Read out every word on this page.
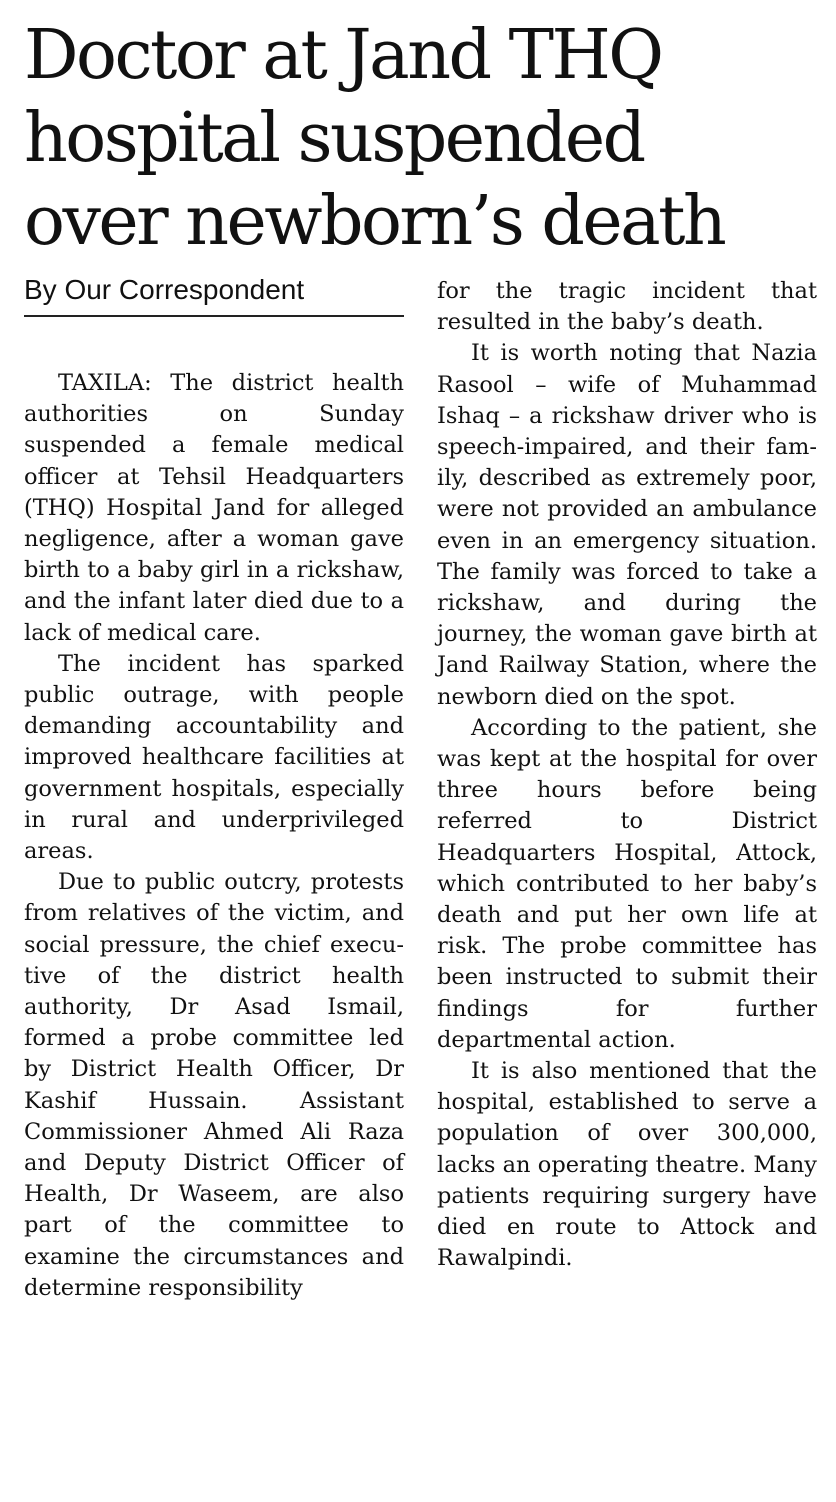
Doctor at Jand THQ
hospital suspended
over newborn’s death
By Our Correspondent

TAXILA: The district health authorities on Sunday suspended a female medical officer at Tehsil Headquarters (THQ) Hospital Jand for alleged negligence, after a woman gave birth to a baby girl in a rickshaw, and the infant later died due to a lack of medical care.

The incident has sparked public outrage, with people demanding accountability and improved healthcare facilities at government hospitals, especially in rural and underprivileged areas.

Due to public outcry, protests from relatives of the victim, and social pressure, the chief executive of the district health authority, Dr Asad Ismail, formed a probe committee led by District Health Officer, Dr Kashif Hussain. Assistant Commissioner Ahmed Ali Raza and Deputy District Officer of Health, Dr Waseem, are also part of the committee to examine the circumstances and determine responsibility

for the tragic incident that resulted in the baby’s death.

It is worth noting that Nazia Rasool – wife of Muhammad Ishaq – a rickshaw driver who is speech-impaired, and their family, described as extremely poor, were not provided an ambulance even in an emergency situation. The family was forced to take a rickshaw, and during the journey, the woman gave birth at Jand Railway Station, where the newborn died on the spot.

According to the patient, she was kept at the hospital for over three hours before being referred to District Headquarters Hospital, Attock, which contributed to her baby’s death and put her own life at risk. The probe committee has been instructed to submit their findings for further departmental action.

It is also mentioned that the hospital, established to serve a population of over 300,000, lacks an operating theatre. Many patients requiring surgery have died en route to Attock and Rawalpindi.
